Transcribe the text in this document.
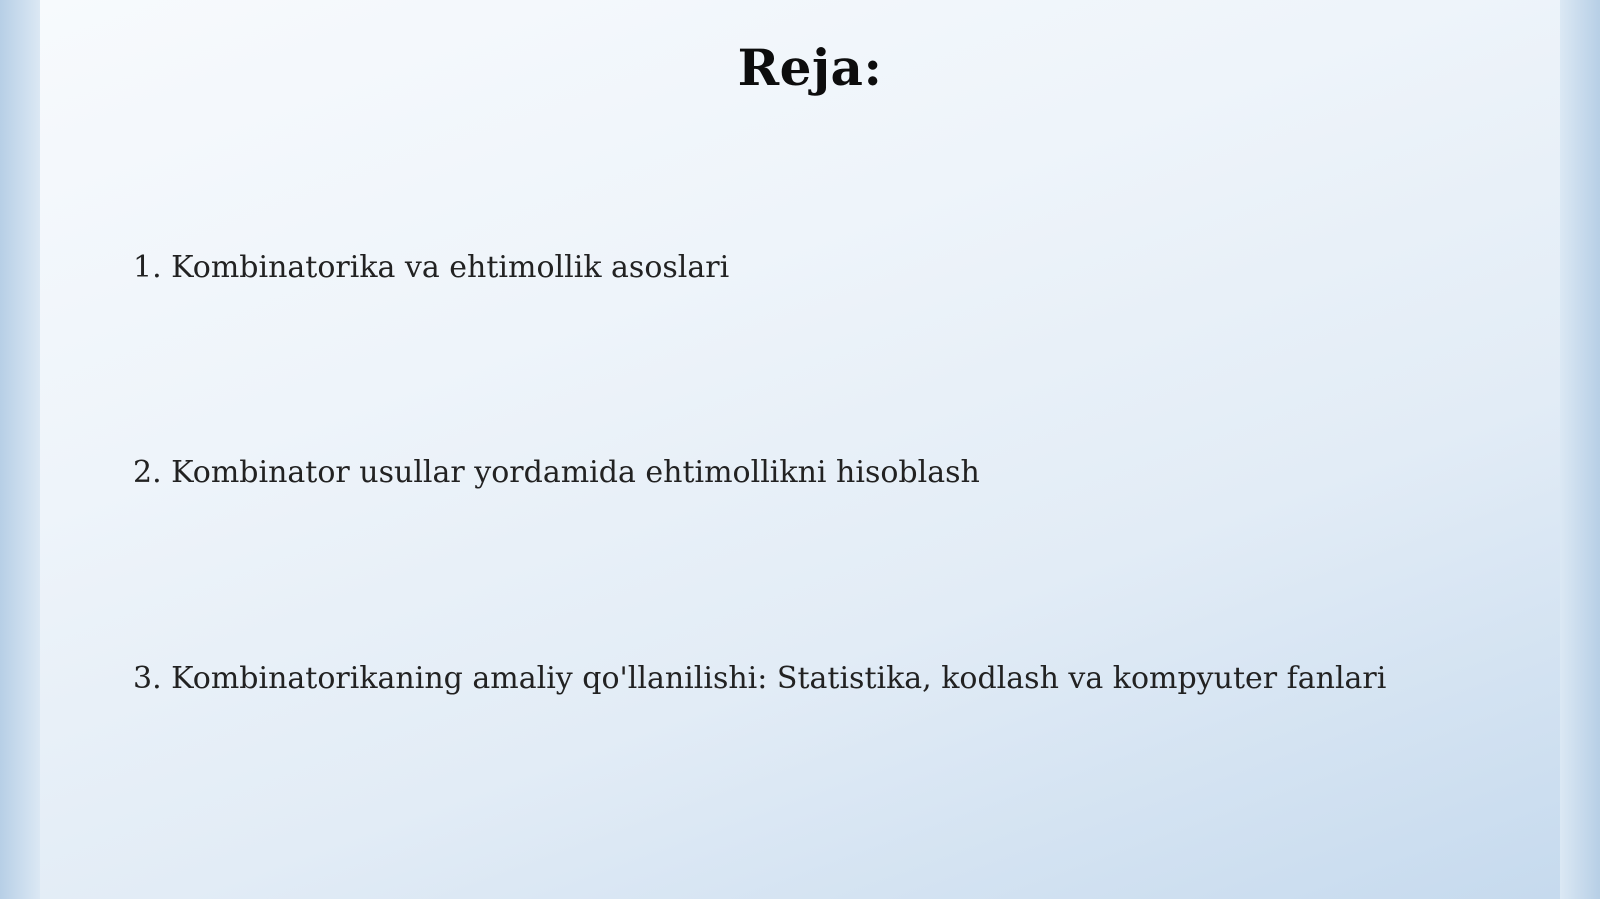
Reja:

1. Kombinatorika va ehtimollik asoslari

2. Kombinator usullar yordamida ehtimollikni hisoblash

3. Kombinatorikaning amaliy qo'llanilishi: Statistika, kodlash va kompyuter fanlari
